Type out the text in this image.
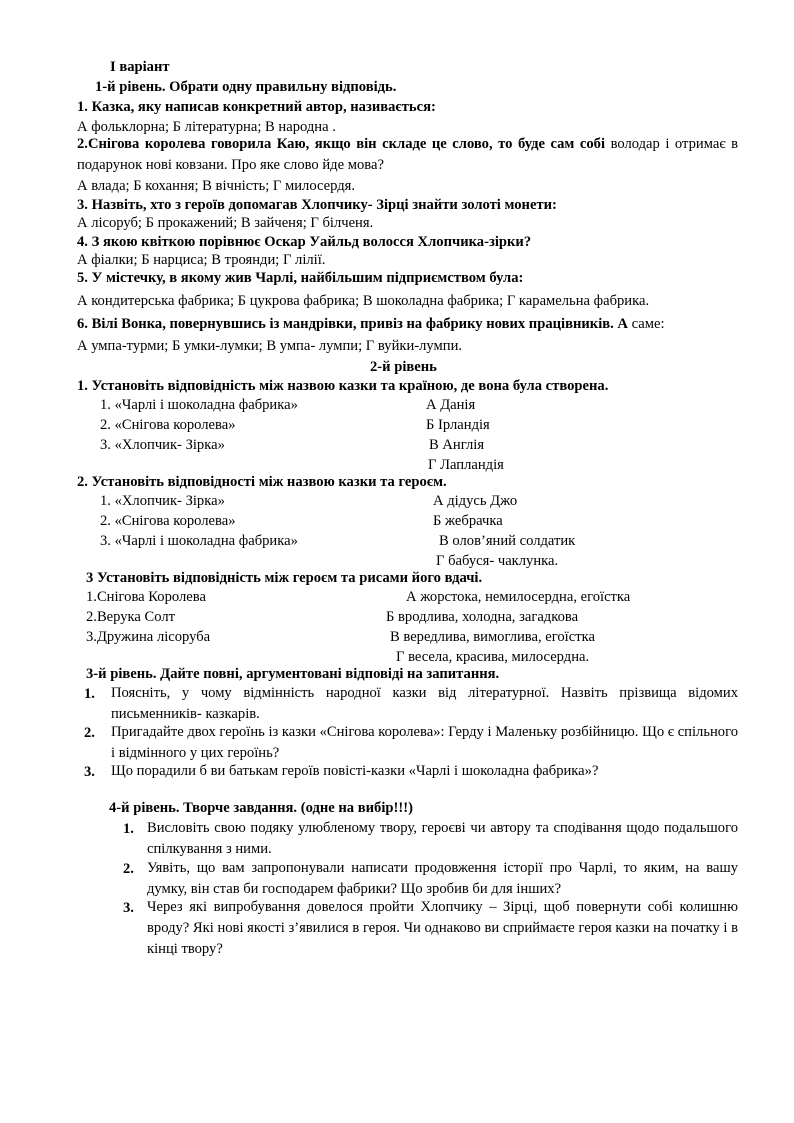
I варіант
1-й рівень. Обрати одну правильну відповідь.
1. Казка, яку написав конкретний автор, називається:
А фольклорна; Б літературна; В народна .
2.Снігова королева говорила Каю, якщо він складе це слово, то буде сам собі володар і отримає в подарунок нові ковзани. Про яке слово йде мова?
А влада; Б кохання; В вічність; Г милосердя.
3. Назвіть, хто з героїв допомагав Хлопчику- Зірці знайти золоті монети:
А лісоруб; Б прокажений; В зайченя; Г білченя.
4. З якою квіткою порівнює Оскар Уайльд волосся Хлопчика-зірки?
А фіалки; Б нарциса; В троянди; Г лілії.
5. У містечку, в якому жив Чарлі, найбільшим підприємством була:
А кондитерська фабрика; Б цукрова фабрика; В шоколадна фабрика; Г карамельна фабрика.
6. Вілі Вонка, повернувшись із мандрівки, привіз на фабрику нових працівників. А саме:
А умпа-турми; Б умки-лумки; В умпа- лумпи; Г вуйки-лумпи.
2-й рівень
1. Установіть відповідність між назвою казки та країною, де вона була створена.
1. «Чарлі і шоколадна фабрика»
2. «Снігова королева»
3. «Хлопчик- Зірка»
А Данія
Б Ірландія
В Англія
Г Лапландія
2. Установіть відповідності між назвою казки та героєм.
1. «Хлопчик- Зірка»
2. «Снігова королева»
3. «Чарлі і шоколадна фабрика»
А дідусь Джо
Б жебрачка
В олов’яний солдатик
Г бабуся- чаклунка.
3 Установіть відповідність між героєм та рисами його вдачі.
1.Снігова Королева
2.Верука Солт
3.Дружина лісоруба
А жорстока, немилосердна, егоїстка
Б вродлива, холодна, загадкова
В вередлива, вимоглива, егоїстка
Г весела, красива, милосердна.
3-й рівень. Дайте повні, аргументовані відповіді на запитання.
1. Поясніть, у чому відмінність народної казки від літературної. Назвіть прізвища відомих письменників- казкарів.
2. Пригадайте двох героїнь із казки «Снігова королева»: Герду і Маленьку розбійницю. Що є спільного і відмінного у цих героїнь?
3. Що порадили б ви батькам героїв повісті-казки «Чарлі і шоколадна фабрика»?
4-й рівень. Творче завдання. (одне на вибір!!!)
1. Висловіть свою подяку улюбленому твору, героєві чи автору та сподівання щодо подальшого спілкування з ними.
2. Уявіть, що вам запропонували написати продовження історії про Чарлі, то яким, на вашу думку, він став би господарем фабрики? Що зробив би для інших?
3. Через які випробування довелося пройти Хлопчику – Зірці, щоб повернути собі колишню вроду? Які нові якості з’явилися в героя. Чи однаково ви сприймаєте героя казки на початку і в кінці твору?
